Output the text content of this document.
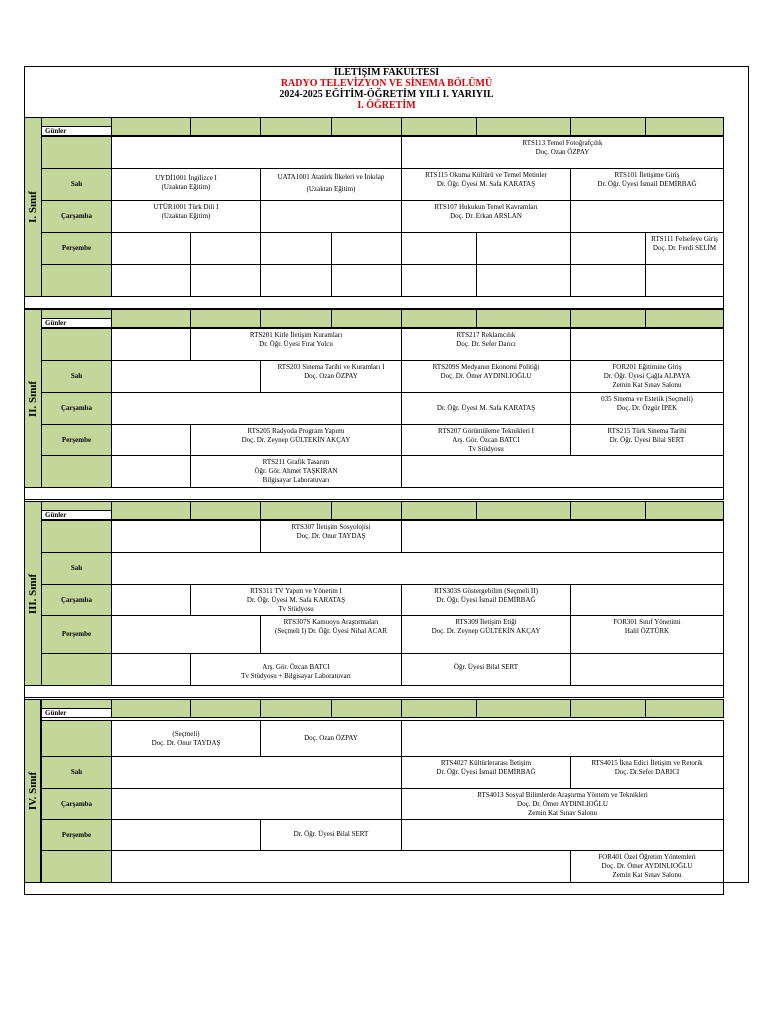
İLETİŞİM FAKÜLTESİ
RADYO TELEVİZYON VE SİNEMA BÖLÜMÜ
2024-2025 EĞİTİM-ÖĞRETİM YILI I. YARIYIL
I. ÖĞRETİM
I. Sınıf
Günler
Salı
Çarşamba
Perşembe
RTS113 Temel Fotoğrafçılık
Doç. Ozan ÖZPAY
UYDİ1001 İngilizce I
(Uzaktan Eğitim)
UATA1001 Atatürk İlkeleri ve İnkılap
(Uzaktan Eğitim)
RTS115 Okuma Kültürü ve Temel Metinler
Dr. Öğr. Üyesi M. Safa KARATAŞ
RTS101 İletişime Giriş
Dr. Öğr. Üyesi İsmail DEMİRBAĞ
UTÜR1001 Türk Dili I
(Uzaktan Eğitim)
RTS107 Hukukun Temel Kavramları
Doç. Dr. Erkan ARSLAN
RTS111 Felsefeye Giriş
Doç. Dr. Ferdi SELİM
II. Sınıf
Günler
Salı
Çarşamba
Perşembe
RTS201 Kitle İletişim Kuramları
Dr. Öğr. Üyesi Fırat Yolcu
RTS217 Reklamcılık
Doç. Dr. Sefer Darıcı
RTS203 Sinema Tarihi ve Kuramları I
Doç. Ozan ÖZPAY
RTS209S Medyanın Ekonomi Politiği
Doç. Dr. Ömer AYDINLIOĞLU
FOR201 Eğitimine Giriş
Dr. Öğr. Üyesi Çağla ALPAYA
Zemin Kat Sınav Salonu
Dr. Öğr. Üyesi M. Safa KARATAŞ
035 Sinema ve Estetik (Seçmeli)
Doç. Dr. Özgür İPEK
RTS205 Radyoda Program Yapımı
Doç. Dr. Zeynep GÜLTEKİN AKÇAY
RTS207 Görüntüleme Teknikleri I
Arş. Gör. Özcan BATCI
Tv Stüdyosu
RTS215 Türk Sinema Tarihi
Dr. Öğr. Üyesi Bilal SERT
RTS211 Grafik Tasarım
Öğr. Gör. Ahmet TAŞKIRAN
Bilgisayar Laboratuvarı
III. Sınıf
Günler
Salı
Çarşamba
Perşembe
RTS307 İletişim Sosyolojisi
Doç. Dr. Onur TAYDAŞ
RTS311 TV Yapım ve Yönetim I
Dr. Öğr. Üyesi M. Safa KARATAŞ
Tv Stüdyosu
RTS303S Göstergebilim (Seçmeli II)
Dr. Öğr. Üyesi İsmail DEMİRBAĞ
RTS307S Kamuoyu Araştırmaları
(Seçmeli I) Dr. Öğr. Üyesi Nihal ACAR
RTS309 İletişim Etiği
Doç. Dr. Zeynep GÜLTEKİN AKÇAY
FOR301 Sınıf Yönetimi
Halil ÖZTÜRK
Arş. Gör. Özcan BATCI
Tv Stüdyosu + Bilgisayar Laboratuvarı
Öğr. Üyesi Bilal SERT
IV. Sınıf
Günler
Salı
Çarşamba
Perşembe
(Seçmeli)
Doç. Dr. Onur TAYDAŞ
Doç. Ozan ÖZPAY
RTS4027 Kültürlerarası İletişim
Dr. Öğr. Üyesi İsmail DEMİRBAĞ
RTS4015 İkna Edici İletişim ve Retorik
Doç. Dr.Sefer DARICI
RTS4013 Sosyal Bilimlerde Araştırma Yöntem ve Teknikleri
Doç. Dr. Ömer AYDINLIOĞLU
Zemin Kat Sınav Salonu
Dr. Öğr. Üyesi Bilal SERT
FOR401 Özel Öğretim Yöntemleri
Doç. Dr. Ömer AYDINLIOĞLU
Zemin Kat Sınav Salonu
